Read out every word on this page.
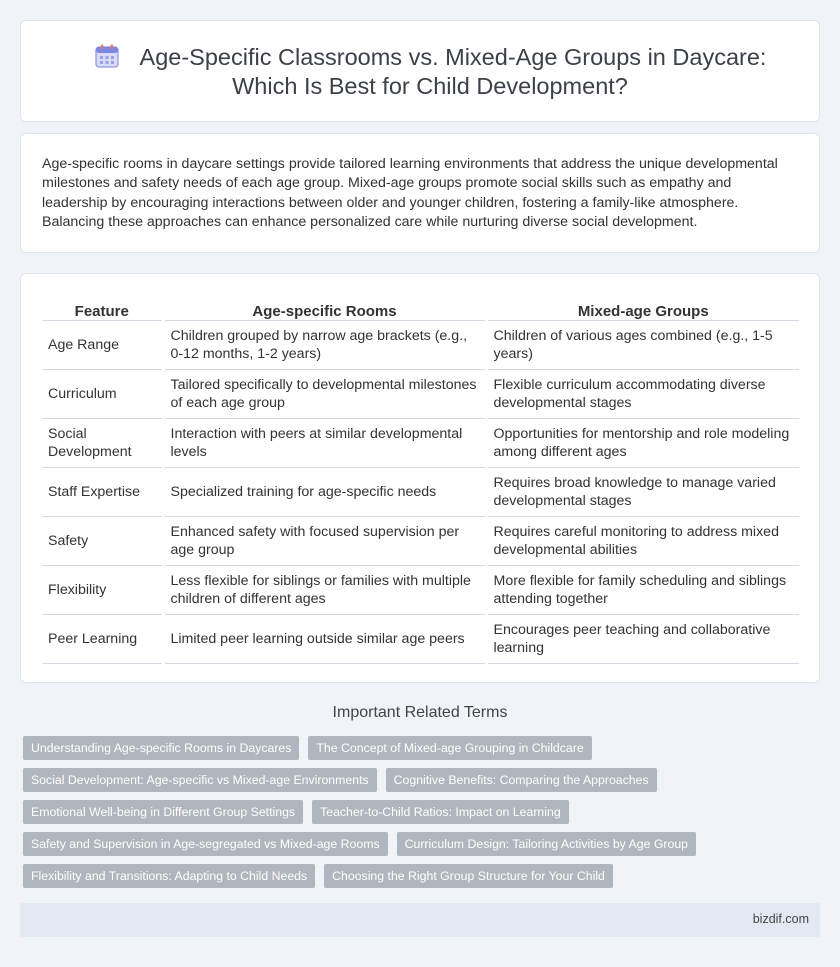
Age-Specific Classrooms vs. Mixed-Age Groups in Daycare: Which Is Best for Child Development?

Age-specific rooms in daycare settings provide tailored learning environments that address the unique developmental milestones and safety needs of each age group. Mixed-age groups promote social skills such as empathy and leadership by encouraging interactions between older and younger children, fostering a family-like atmosphere. Balancing these approaches can enhance personalized care while nurturing diverse social development.

Feature	Age-specific Rooms	Mixed-age Groups
Age Range	Children grouped by narrow age brackets (e.g., 0-12 months, 1-2 years)	Children of various ages combined (e.g., 1-5 years)
Curriculum	Tailored specifically to developmental milestones of each age group	Flexible curriculum accommodating diverse developmental stages
Social Development	Interaction with peers at similar developmental levels	Opportunities for mentorship and role modeling among different ages
Staff Expertise	Specialized training for age-specific needs	Requires broad knowledge to manage varied developmental stages
Safety	Enhanced safety with focused supervision per age group	Requires careful monitoring to address mixed developmental abilities
Flexibility	Less flexible for siblings or families with multiple children of different ages	More flexible for family scheduling and siblings attending together
Peer Learning	Limited peer learning outside similar age peers	Encourages peer teaching and collaborative learning
Important Related Terms
Understanding Age-specific Rooms in Daycares	The Concept of Mixed-age Grouping in Childcare
Social Development: Age-specific vs Mixed-age Environments	Cognitive Benefits: Comparing the Approaches
Emotional Well-being in Different Group Settings	Teacher-to-Child Ratios: Impact on Learning
Safety and Supervision in Age-segregated vs Mixed-age Rooms	Curriculum Design: Tailoring Activities by Age Group
Flexibility and Transitions: Adapting to Child Needs	Choosing the Right Group Structure for Your Child
bizdif.com
